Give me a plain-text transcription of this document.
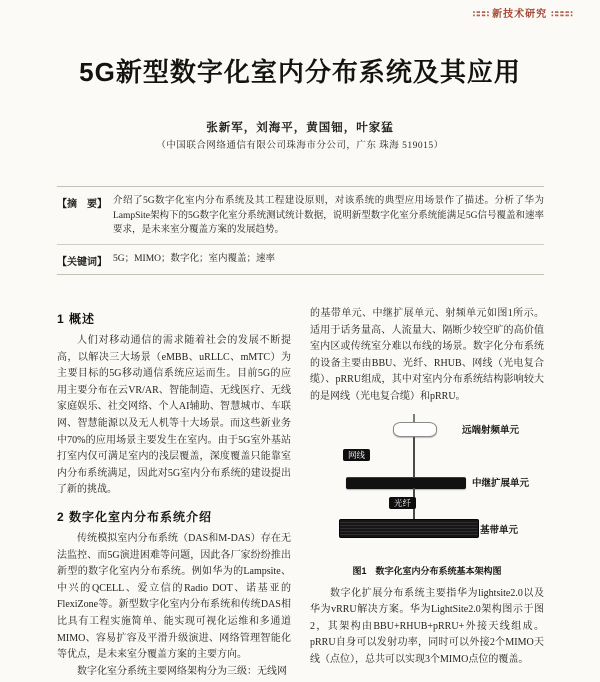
∷∷∷ 新技术研究 ∷∷∷∷
5G新型数字化室内分布系统及其应用
张新军，刘海平，黄国钿，叶家猛
（中国联合网络通信有限公司珠海市分公司，广东 珠海 519015）
【摘　要】 介绍了5G数字化室内分布系统及其工程建设原则，对该系统的典型应用场景作了描述。分析了华为LampSite架构下的5G数字化室分系统测试统计数据，说明新型数字化室分系统能满足5G信号覆盖和速率要求，是未来室分覆盖方案的发展趋势。
【关键词】 5G；MIMO；数字化；室内覆盖；速率
1 概述

人们对移动通信的需求随着社会的发展不断提高，以解决三大场景（eMBB、uRLLC、mMTC）为主要目标的5G移动通信系统应运而生。目前5G的应用主要分布在云VR/AR、智能制造、无线医疗、无线家庭娱乐、社交网络、个人AI辅助、智慧城市、车联网、智慧能源以及无人机等十大场景。而这些新业务中70%的应用场景主要发生在室内。由于5G室外基站打室内仅可满足室内的浅层覆盖，深度覆盖只能靠室内分布系统满足，因此对5G室内分布系统的建设提出了新的挑战。

2 数字化室内分布系统介绍

传统模拟室内分布系统（DAS和M-DAS）存在无法监控、而5G演进困难等问题，因此各厂家纷纷推出新型的数字化室内分布系统。例如华为的Lampsite、中兴的QCELL、爱立信的Radio DOT、诺基亚的FlexiZone等。新型数字化室内分布系统和传统DAS相比具有工程实施简单、能实现可视化运维和多通道MIMO、容易扩容及平滑升级演进、网络管理智能化等优点，是未来室分覆盖方案的主要方向。

数字化室分系统主要网络架构分为三级：无线网

的基带单元、中继扩展单元、射频单元如图1所示。适用于话务量高、人流量大、隔断少较空旷的高价值室内区或传统室分难以布线的场景。数字化分布系统的设备主要由BBU、光纤、RHUB、网线（光电复合缆）、pRRU组成，其中对室内分布系统结构影响较大的是网线（光电复合缆）和pRRU。

远端射频单元
网线
中继扩展单元
光纤
基带单元
图1　数字化室内分布系统基本架构图

数字化扩展分布系统主要指华为lightsite2.0以及华为vRRU解决方案。华为LightSite2.0架构图示于图2，其架构由BBU+RHUB+pRRU+外接天线组成。pRRU自身可以发射功率，同时可以外接2个MIMO天线（点位），总共可以实现3个MIMO点位的覆盖。
